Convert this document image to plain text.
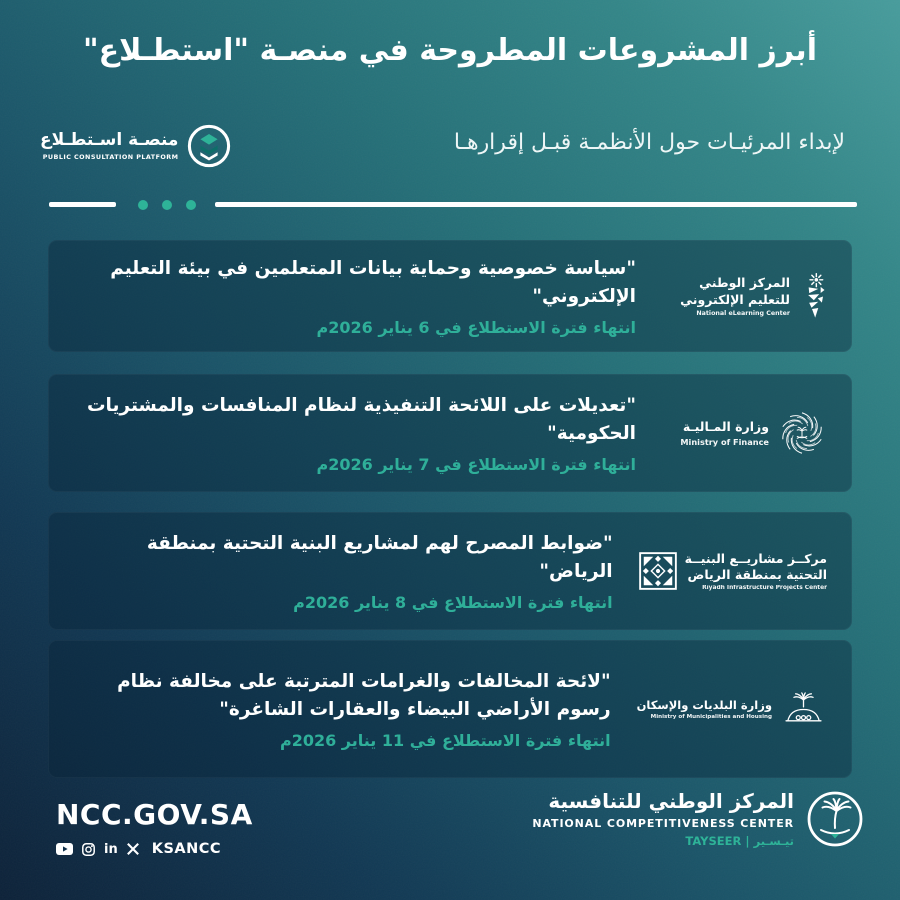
أبرز المشروعات المطروحة في منصـة "استطـلاع"
منصـة اسـتطـلاع
PUBLIC CONSULTATION PLATFORM
لإبداء المرئيـات حول الأنظمـة قبـل إقرارهـا
المركز الوطني
للتعليم الإلكتروني
National eLearning Center
"سياسة خصوصية وحماية بيانات المتعلمين في بيئة التعليم الإلكتروني"
انتهاء فترة الاستطلاع في 6 يناير 2026م
وزارة المـاليـة
Ministry of Finance
"تعديلات على اللائحة التنفيذية لنظام المنافسات والمشتريات الحكومية"
انتهاء فترة الاستطلاع في 7 يناير 2026م
مركــز مشاريــع البنيــة
التحتية بمنطقة الرياض
Riyadh Infrastructure Projects Center
"ضوابط المصرح لهم لمشاريع البنية التحتية بمنطقة الرياض"
انتهاء فترة الاستطلاع في 8 يناير 2026م
وزارة البلديات والإسكان
Ministry of Municipalities and Housing
"لائحة المخالفات والغرامات المترتبة على مخالفة نظام رسوم الأراضي البيضاء والعقارات الشاغرة"
انتهاء فترة الاستطلاع في 11 يناير 2026م
NCC.GOV.SA
in KSANCC
المركز الوطني للتنافسية
NATIONAL COMPETITIVENESS CENTER
تيـسـير | TAYSEER
